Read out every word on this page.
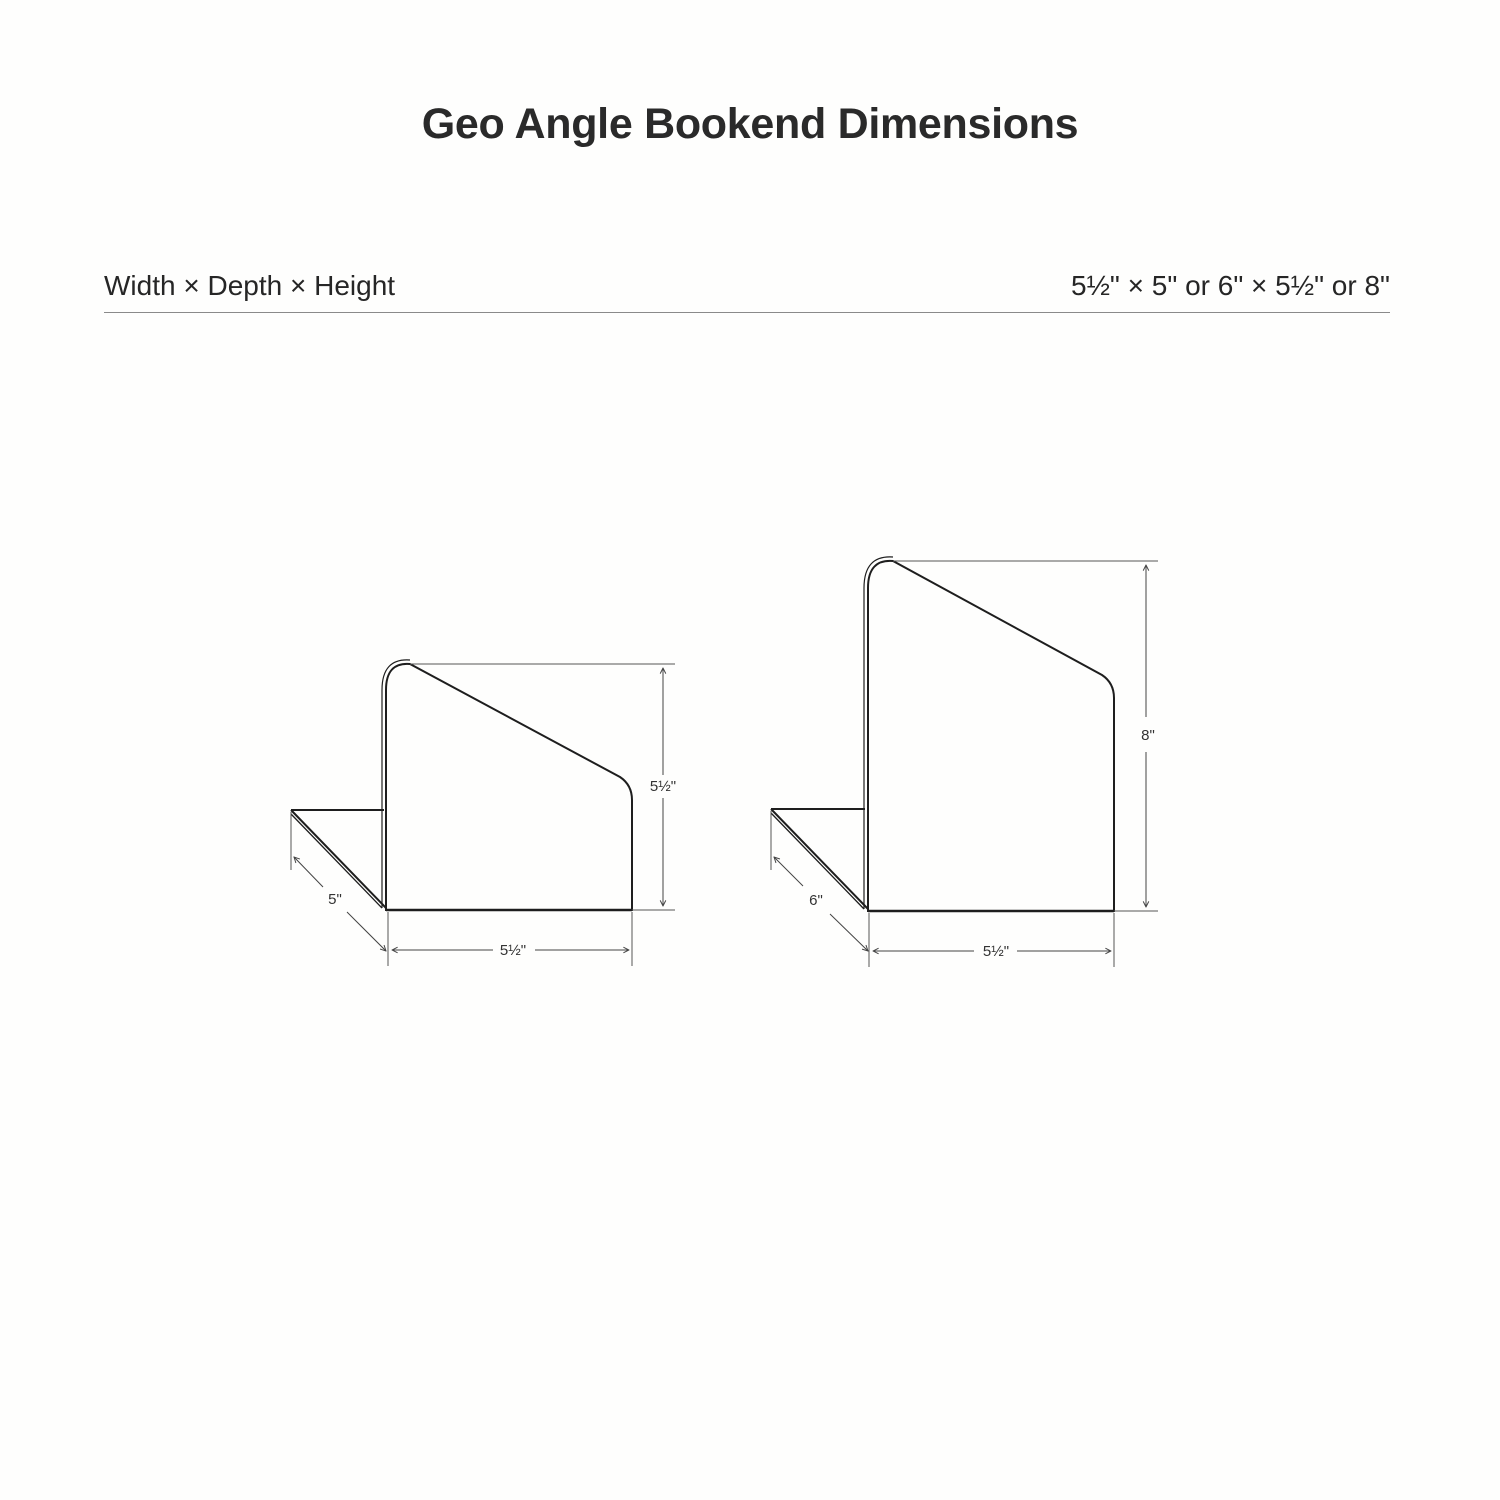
Geo Angle Bookend Dimensions
Width × Depth × Height	5½" × 5" or 6" × 5½" or 8"
5½"
5½"
5"
8"
5½"
6"
